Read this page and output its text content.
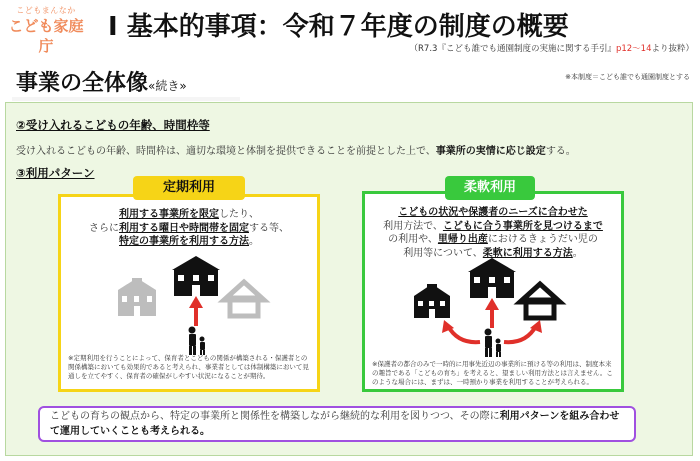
こどもまんなか
こども家庭庁
Ⅰ 基本的事項：令和７年度の制度の概要
（R7.3『こども誰でも通園制度の実施に関する手引』p12～14より抜粋）
事業の全体像«続き»
※本制度＝こども誰でも通園制度とする
②受け入れるこどもの年齢、時間枠等
受け入れるこどもの年齢、時間枠は、適切な環境と体制を提供できることを前提とした上で、事業所の実情に応じ設定する。
③利用パターン
定期利用
利用する事業所を限定したり、
さらに利用する曜日や時間帯を固定する等、
特定の事業所を利用する方法。
※定期利用を行うことによって、保育者とこどもの関係が構築される・保護者との関係構築においても効果的であると考えられ、事業者としては体制構築において見通しを立てやすく、保育者の確保がしやすい状況になることが期待。
柔軟利用
こどもの状況や保護者のニーズに合わせた
利用方法で、こどもに合う事業所を見つけるまで
の利用や、里帰り出産におけるきょうだい児の
利用等について、柔軟に利用する方法。
※保護者の都合のみで一時的に用事先近辺の事業所に預ける等の利用は、制度本来の趣旨である「こどもの育ち」を考えると、望ましい利用方法とは言えません。このような場合には、まずは、一時預かり事業を利用することが考えられる。
こどもの育ちの観点から、特定の事業所と関係性を構築しながら継続的な利用を図りつつ、その際に利用パターンを組み合わせて運用していくことも考えられる。
